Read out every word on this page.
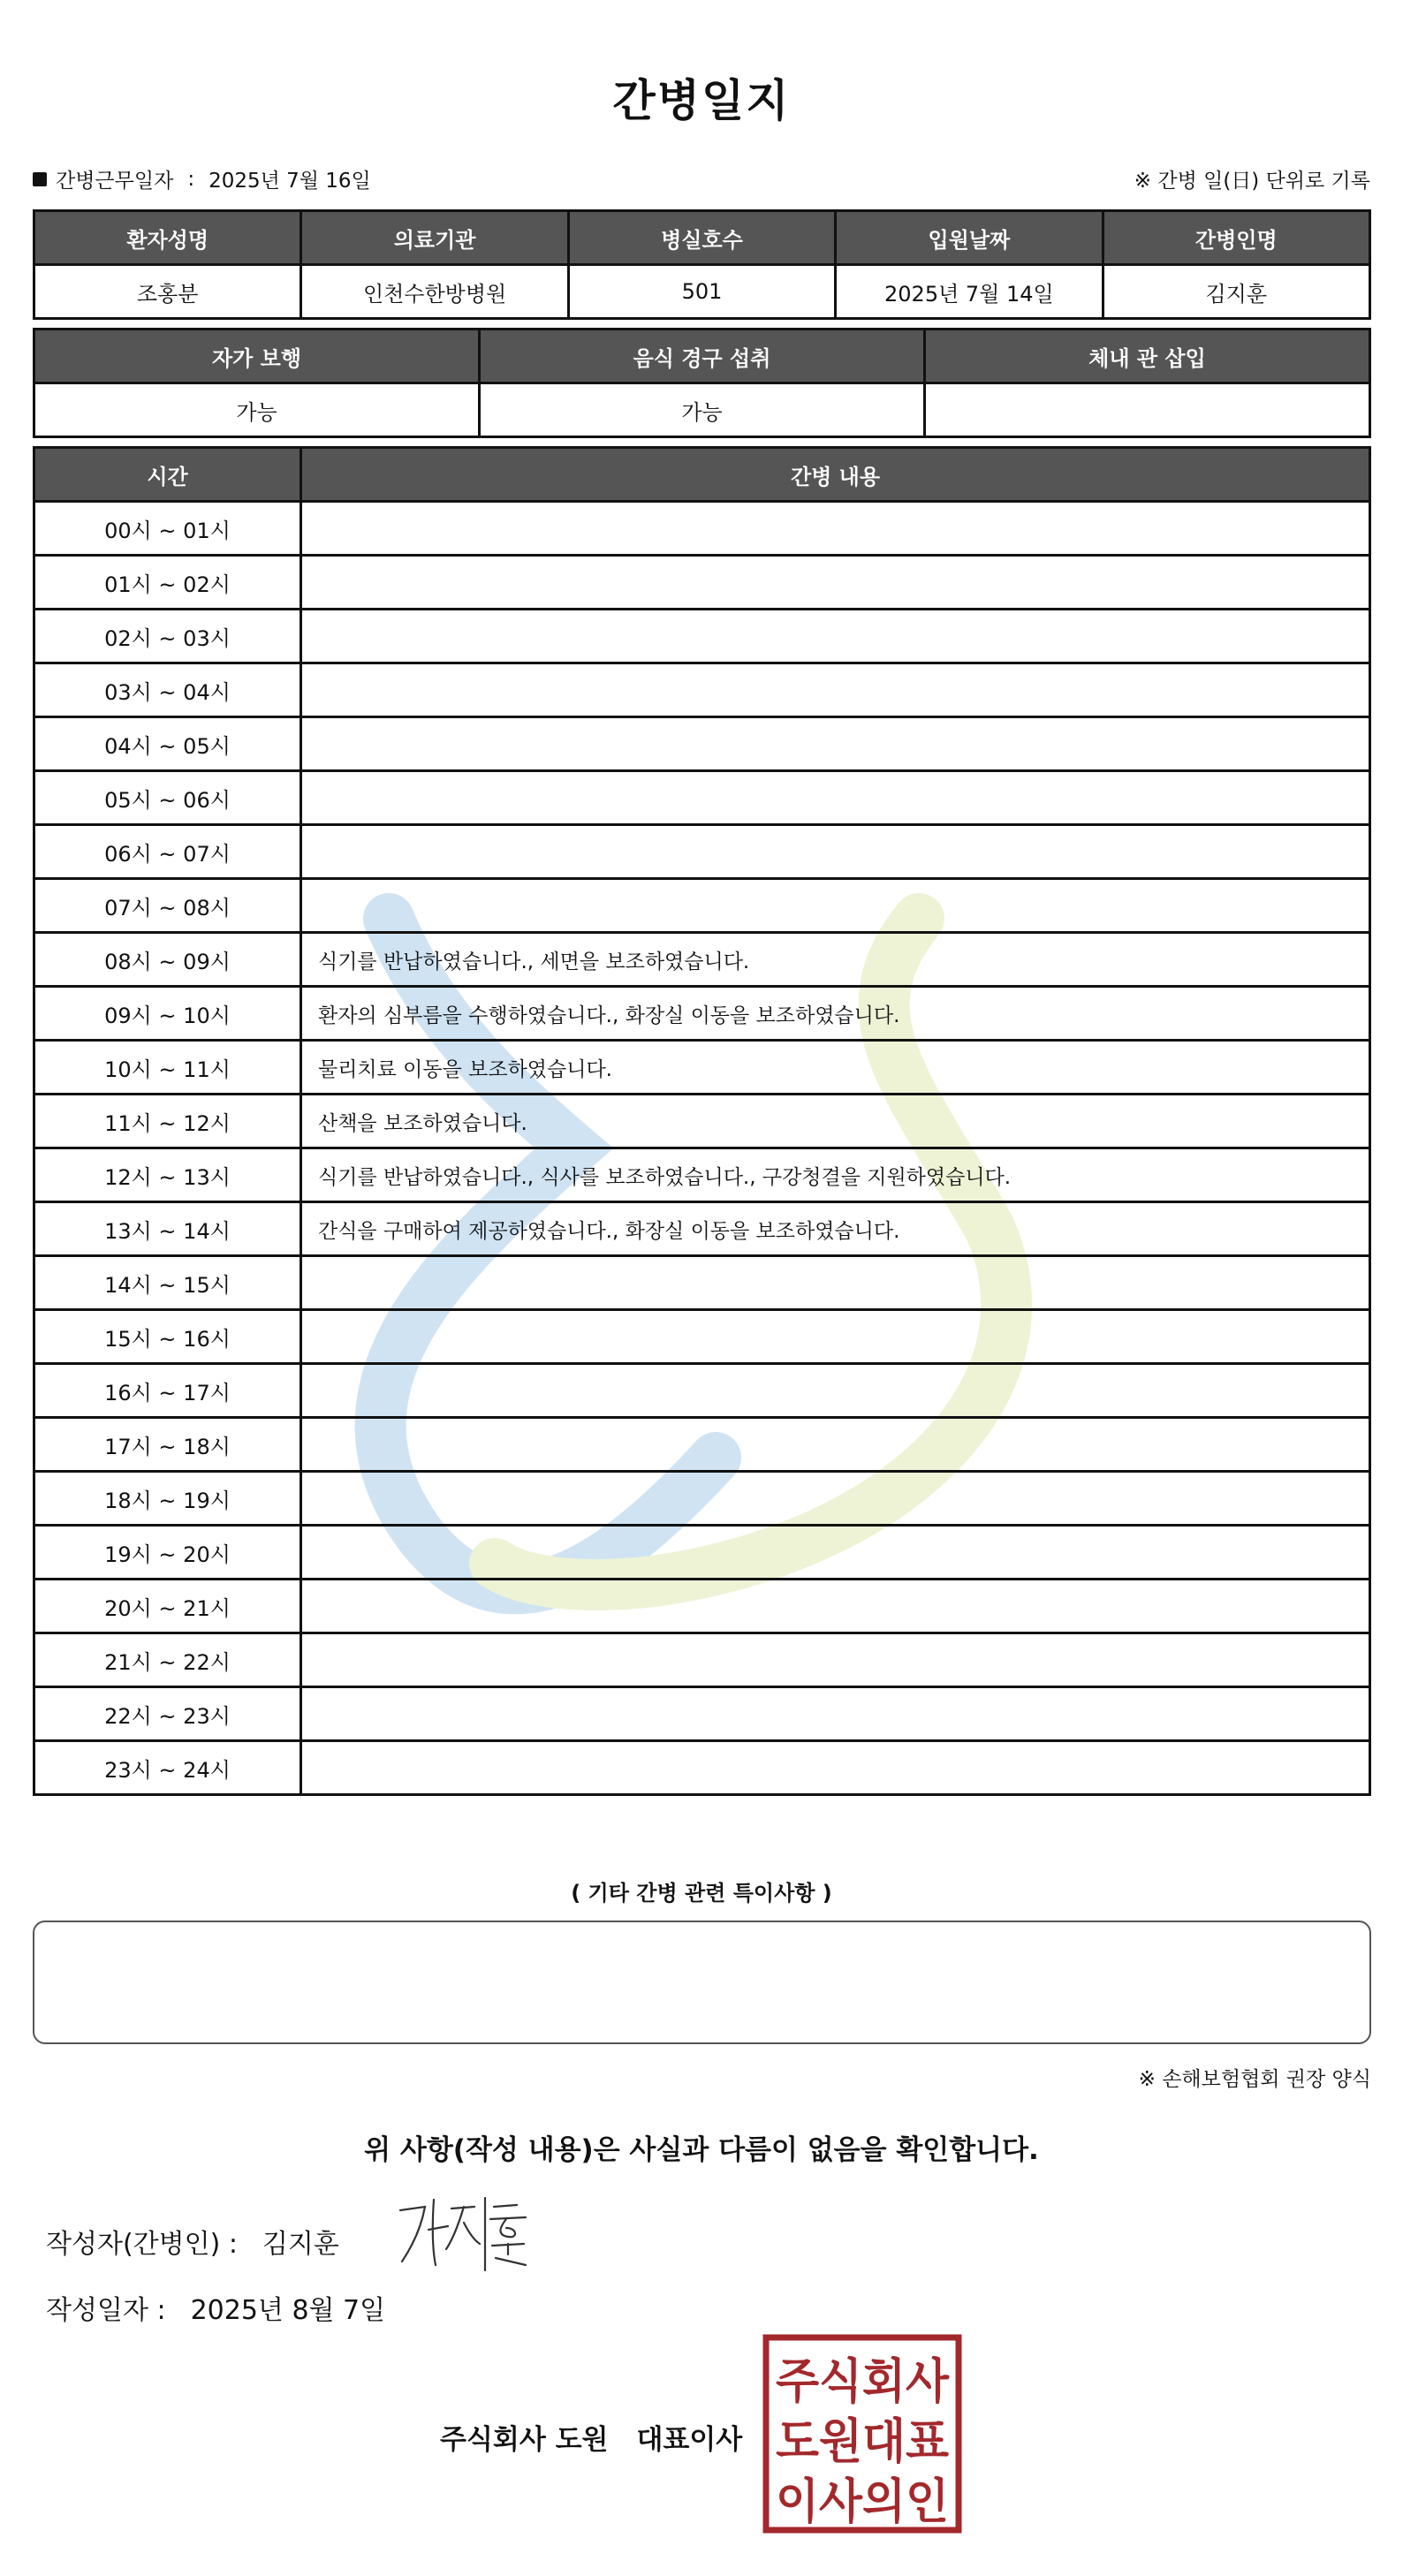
간병일지
간병근무일자 : 2025년 7월 16일	※ 간병 일(日) 단위로 기록
환자성명	의료기관	병실호수	입원날짜	간병인명
조홍분	인천수한방병원	501	2025년 7월 14일	김지훈
자가 보행	음식 경구 섭취	체내 관 삽입
가능	가능	
시간	간병 내용
00시 ~ 01시	
01시 ~ 02시	
02시 ~ 03시	
03시 ~ 04시	
04시 ~ 05시	
05시 ~ 06시	
06시 ~ 07시	
07시 ~ 08시	
08시 ~ 09시	식기를 반납하였습니다., 세면을 보조하였습니다.
09시 ~ 10시	환자의 심부름을 수행하였습니다., 화장실 이동을 보조하였습니다.
10시 ~ 11시	물리치료 이동을 보조하였습니다.
11시 ~ 12시	산책을 보조하였습니다.
12시 ~ 13시	식기를 반납하였습니다., 식사를 보조하였습니다., 구강청결을 지원하였습니다.
13시 ~ 14시	간식을 구매하여 제공하였습니다., 화장실 이동을 보조하였습니다.
14시 ~ 15시	
15시 ~ 16시	
16시 ~ 17시	
17시 ~ 18시	
18시 ~ 19시	
19시 ~ 20시	
20시 ~ 21시	
21시 ~ 22시	
22시 ~ 23시	
23시 ~ 24시	
( 기타 간병 관련 특이사항 )
※ 손해보험협회 권장 양식
위 사항(작성 내용)은 사실과 다름이 없음을 확인합니다.
작성자(간병인) : 김지훈
작성일자 : 2025년 8월 7일
주식회사 도원 대표이사
주식회사
도원대표
이사의인
